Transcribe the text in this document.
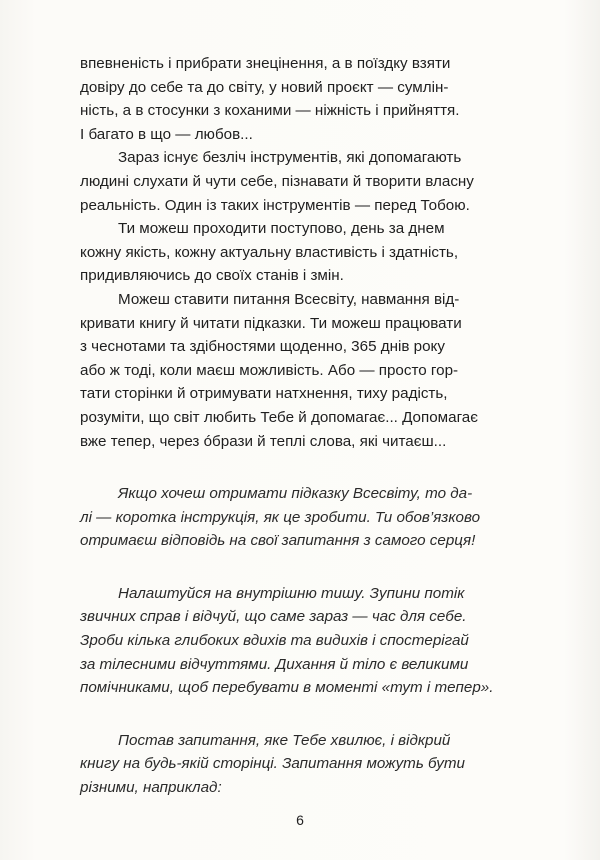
впевненість і прибрати знецінення, а в поїздку взяти
довіру до себе та до світу, у новий проєкт — сумлін-
ність, а в стосунки з коханими — ніжність і прийняття.
І багато в що — любов...

Зараз існує безліч інструментів, які допомагають
людині слухати й чути себе, пізнавати й творити власну
реальність. Один із таких інструментів — перед Тобою.

Ти можеш проходити поступово, день за днем
кожну якість, кожну актуальну властивість і здатність,
придивляючись до своїх станів і змін.

Можеш ставити питання Всесвіту, навмання від-
кривати книгу й читати підказки. Ти можеш працювати
з чеснотами та здібностями щоденно, 365 днів року
або ж тоді, коли маєш можливість. Або — просто гор-
тати сторінки й отримувати натхнення, тиху радість,
розуміти, що світ любить Тебе й допомагає... Допомагає
вже тепер, через óбрази й теплі слова, які читаєш...

Якщо хочеш отримати підказку Всесвіту, то да-
лі — коротка інструкція, як це зробити. Ти обов’язково
отримаєш відповідь на свої запитання з самого серця!

Налаштуйся на внутрішню тишу. Зупини потік
звичних справ і відчуй, що саме зараз — час для себе.
Зроби кілька глибоких вдихів та видихів і спостерігай
за тілесними відчуттями. Дихання й тіло є великими
помічниками, щоб перебувати в моменті «тут і тепер».

Постав запитання, яке Тебе хвилює, і відкрий
книгу на будь-якій сторінці. Запитання можуть бути
різними, наприклад:

6
